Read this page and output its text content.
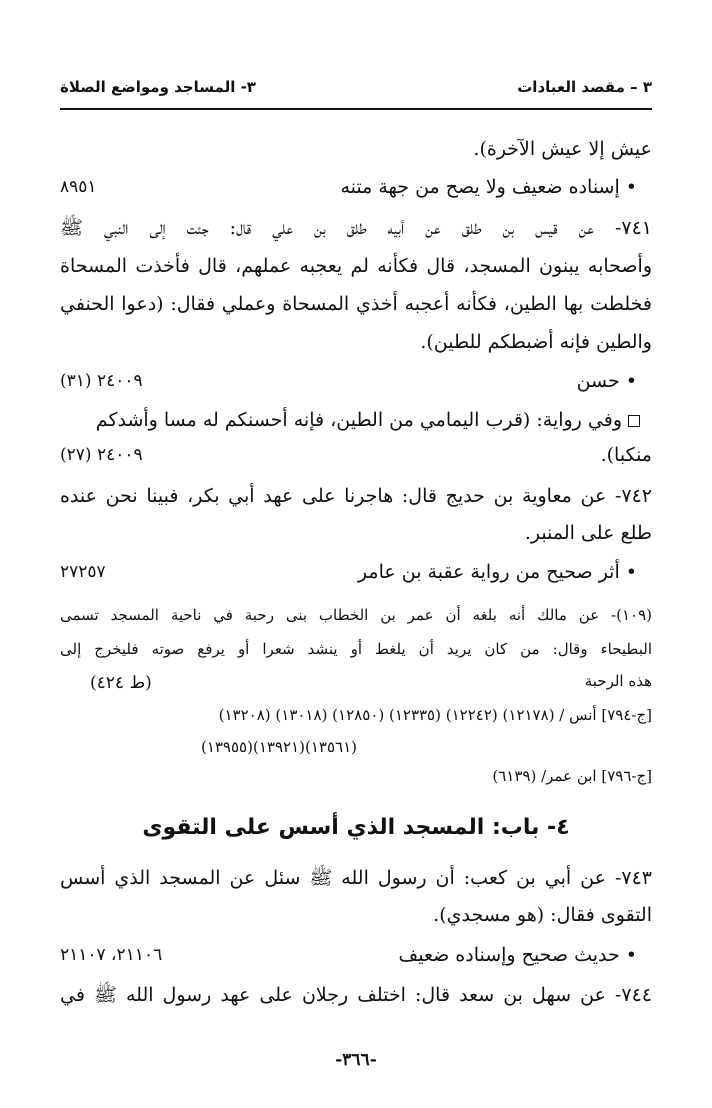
٣ – مقصد العبادات
٣- المساجد ومواضع الصلاة
عيش إلا عيش الآخرة).
• إسناده ضعيف ولا يصح من جهة متنه
٨٩٥١
٧٤١- عن قيس بن طلق عن أبيه طلق بن علي قال: جئت إلى النبي ﷺ
وأصحابه يبنون المسجد، قال فكأنه لم يعجبه عملهم، قال فأخذت المسحاة
فخلطت بها الطين، فكأنه أعجبه أخذي المسحاة وعملي فقال: (دعوا الحنفي
والطين فإنه أضبطكم للطين).
• حسن
٢٤٠٠٩ (٣١)
وفي رواية: (قرب اليمامي من الطين، فإنه أحسنكم له مسا وأشدكم
منكبا).
٢٤٠٠٩ (٢٧)
٧٤٢- عن معاوية بن حديج قال: هاجرنا على عهد أبي بكر، فبينا نحن عنده
طلع على المنبر.
• أثر صحيح من رواية عقبة بن عامر
٢٧٢٥٧
(١٠٩)- عن مالك أنه بلغه أن عمر بن الخطاب بنى رحبة في ناحية المسجد تسمى
البطيحاء وقال: من كان يريد أن يلغط أو ينشد شعرا أو يرفع صوته فليخرج إلى
هذه الرحبة
(ط ٤٢٤)
[ج-٧٩٤] أنس / (١٢١٧٨) (١٢٢٤٢) (١٢٣٣٥) (١٢٨٥٠) (١٣٠١٨) (١٣٢٠٨)
(١٣٥٦١)(١٣٩٢١)(١٣٩٥٥)
[ج-٧٩٦] ابن عمر/ (٦١٣٩)
٤- باب: المسجد الذي أسس على التقوى
٧٤٣- عن أبي بن كعب: أن رسول الله ﷺ سئل عن المسجد الذي أسس
التقوى فقال: (هو مسجدي).
• حديث صحيح وإسناده ضعيف
٢١١٠٦، ٢١١٠٧
٧٤٤- عن سهل بن سعد قال: اختلف رجلان على عهد رسول الله ﷺ في
-٣٦٦-
